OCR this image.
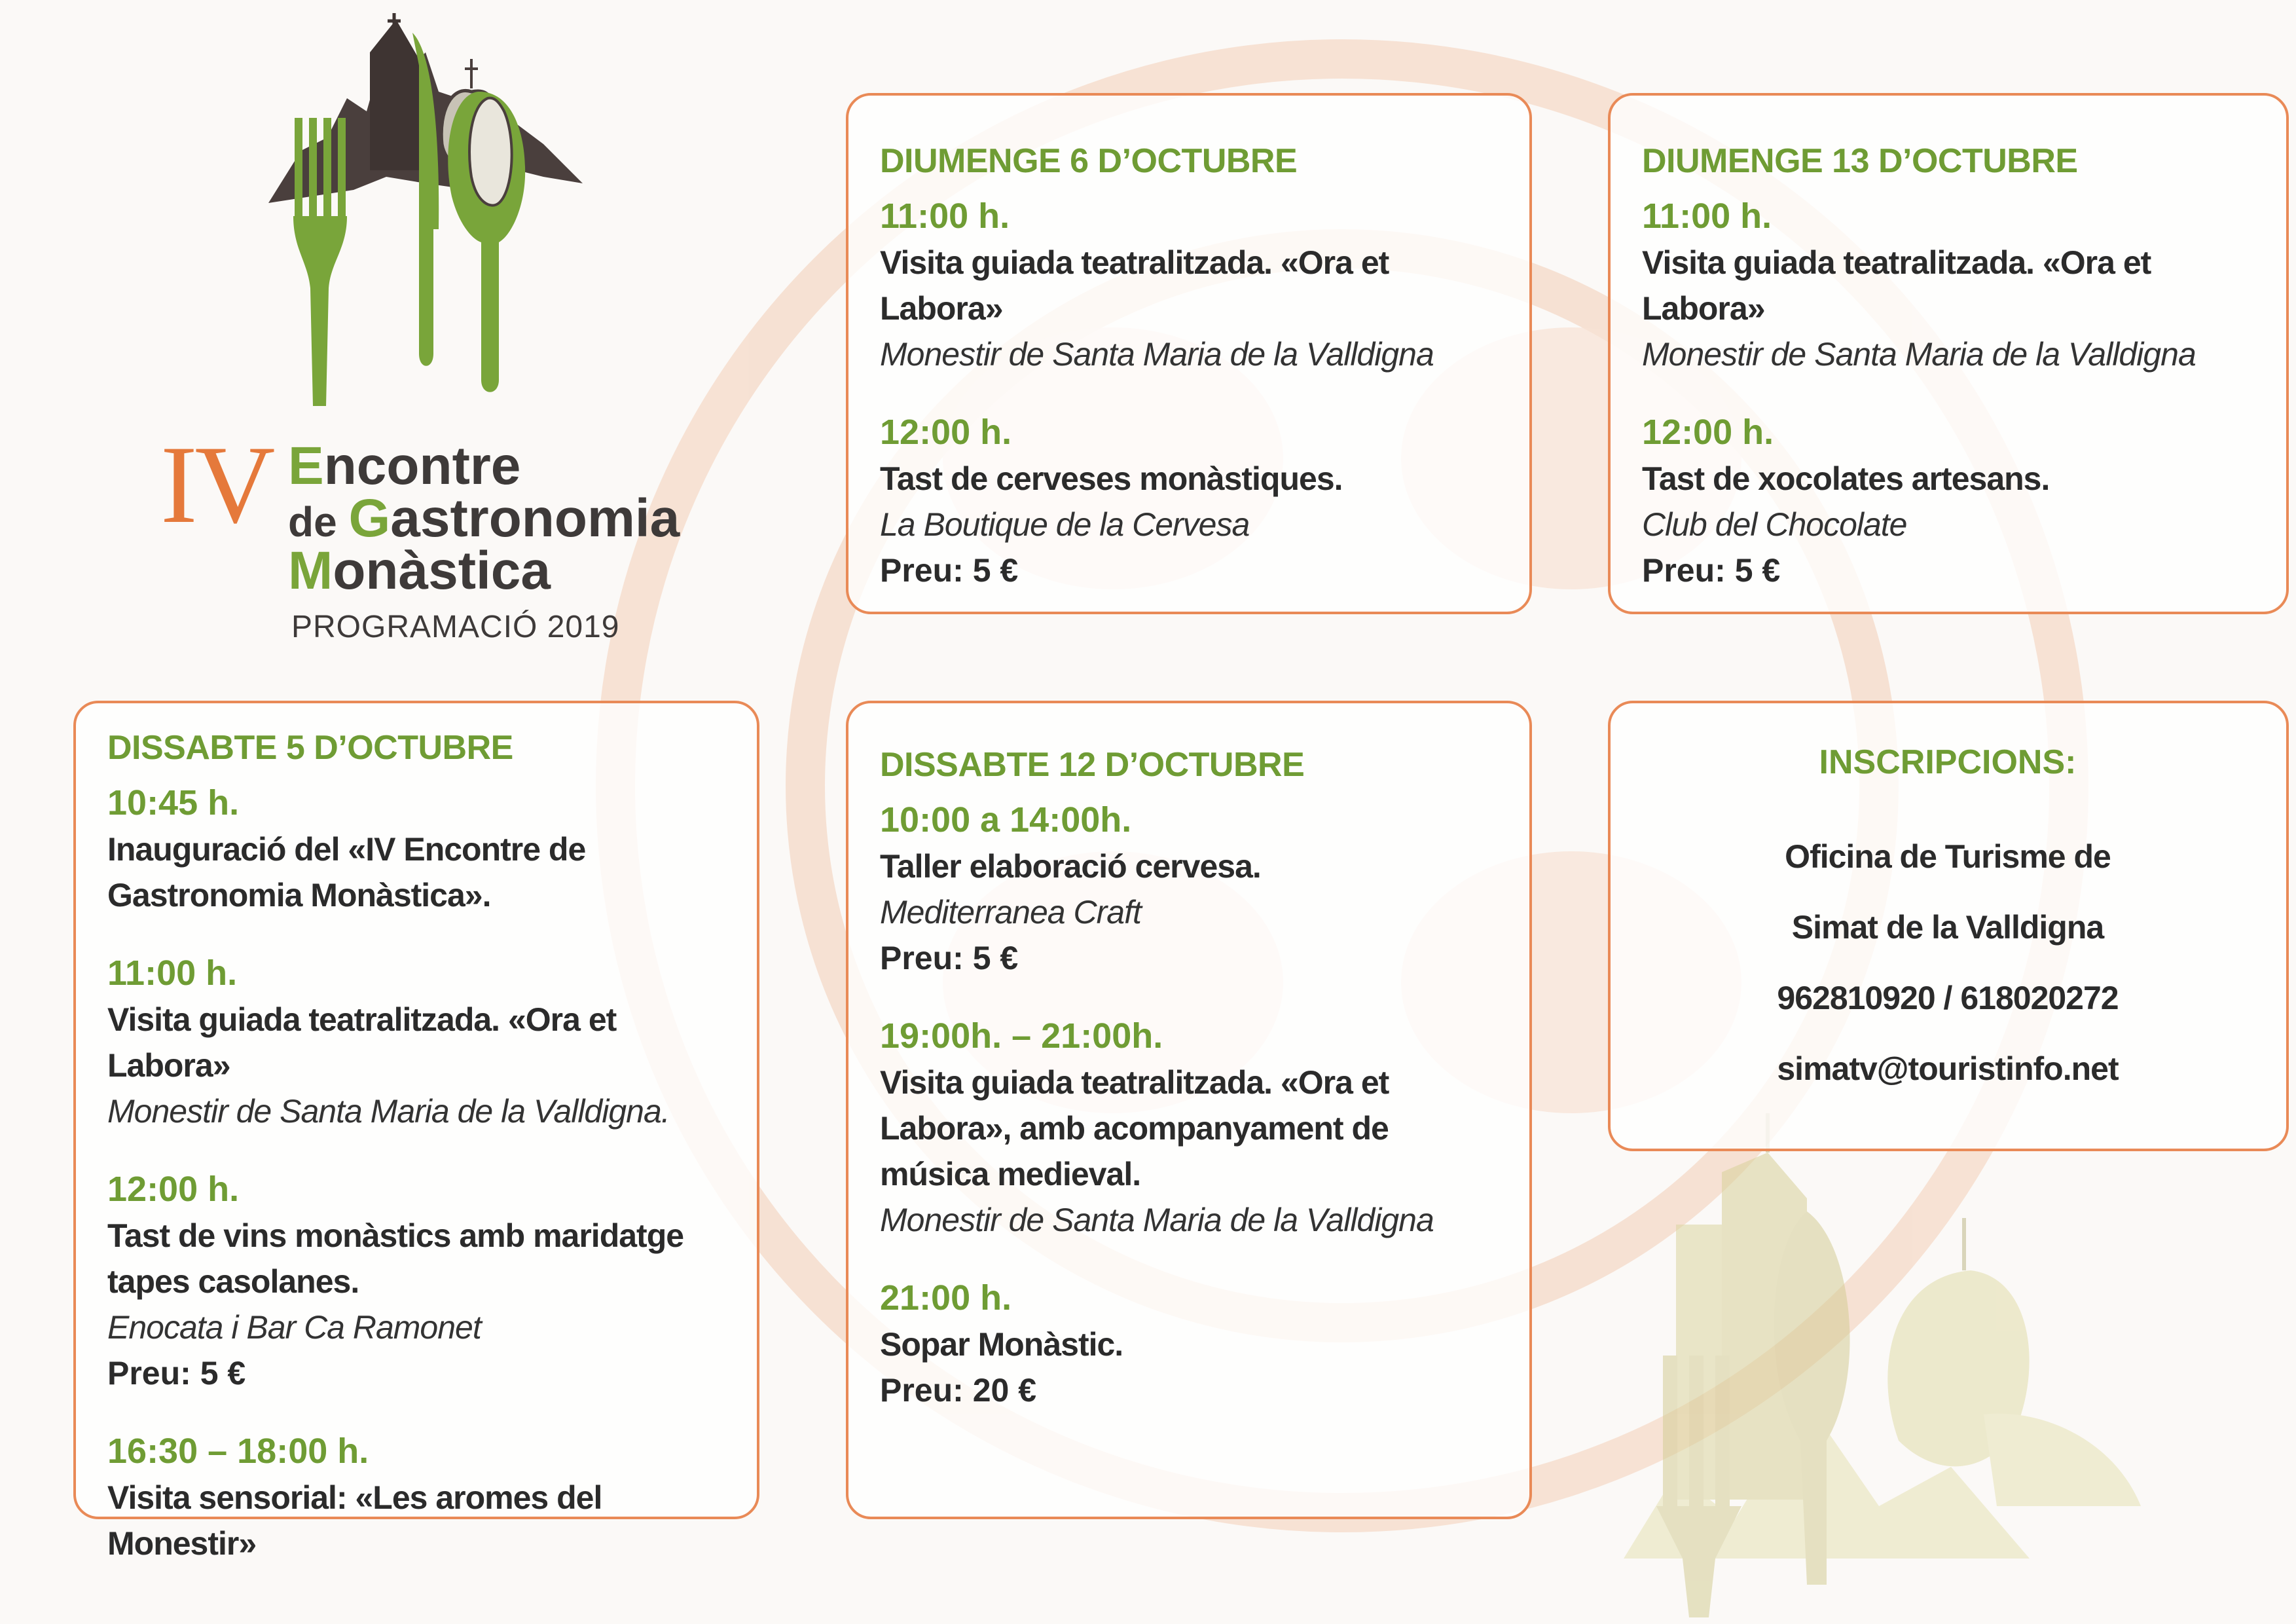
IV Encontre
de Gastronomia
Monàstica
PROGRAMACIÓ 2019
DIUMENGE 6 D’OCTUBRE
11:00 h.
Visita guiada teatralitzada. «Ora et Labora»
Monestir de Santa Maria de la Valldigna
12:00 h.
Tast de cerveses monàstiques.
La Boutique de la Cervesa
Preu: 5 €
DIUMENGE 13 D’OCTUBRE
11:00 h.
Visita guiada teatralitzada. «Ora et Labora»
Monestir de Santa Maria de la Valldigna
12:00 h.
Tast de xocolates artesans.
Club del Chocolate
Preu: 5 €
DISSABTE 5 D’OCTUBRE
10:45 h.
Inauguració del «IV Encontre de Gastronomia Monàstica».
11:00 h.
Visita guiada teatralitzada. «Ora et Labora»
Monestir de Santa Maria de la Valldigna.
12:00 h.
Tast de vins monàstics amb maridatge tapes casolanes.
Enocata i Bar Ca Ramonet
Preu: 5 €
16:30 – 18:00 h.
Visita sensorial: «Les aromes del Monestir»
DISSABTE 12 D’OCTUBRE
10:00 a 14:00h.
Taller elaboració cervesa.
Mediterranea Craft
Preu: 5 €
19:00h. – 21:00h.
Visita guiada teatralitzada. «Ora et Labora», amb acompanyament de música medieval.
Monestir de Santa Maria de la Valldigna
21:00 h.
Sopar Monàstic.
Preu: 20 €
INSCRIPCIONS:
Oficina de Turisme de
Simat de la Valldigna
962810920 / 618020272
simatv@touristinfo.net
